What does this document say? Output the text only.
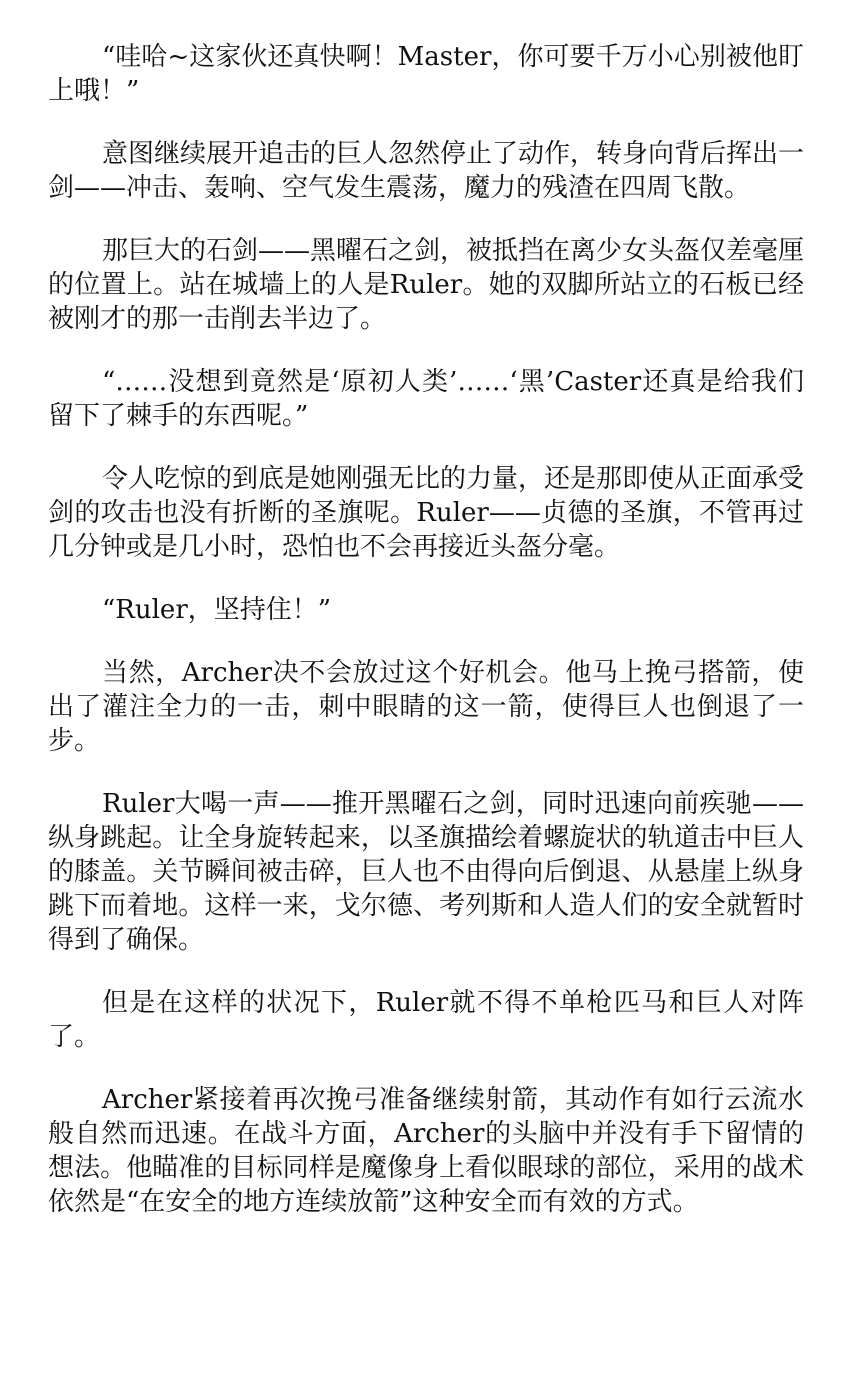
“哇哈~这家伙还真快啊！Master，你可要千万小心别被他盯上哦！”

意图继续展开追击的巨人忽然停止了动作，转身向背后挥出一剑——冲击、轰响、空气发生震荡，魔力的残渣在四周飞散。

那巨大的石剑——黑曜石之剑，被抵挡在离少女头盔仅差毫厘的位置上。站在城墙上的人是Ruler。她的双脚所站立的石板已经被刚才的那一击削去半边了。

“……没想到竟然是‘原初人类’……‘黑’Caster还真是给我们留下了棘手的东西呢。”

令人吃惊的到底是她刚强无比的力量，还是那即使从正面承受剑的攻击也没有折断的圣旗呢。Ruler——贞德的圣旗，不管再过几分钟或是几小时，恐怕也不会再接近头盔分毫。

“Ruler，坚持住！”

当然，Archer决不会放过这个好机会。他马上挽弓搭箭，使出了灌注全力的一击，刺中眼睛的这一箭，使得巨人也倒退了一步。

Ruler大喝一声——推开黑曜石之剑，同时迅速向前疾驰——纵身跳起。让全身旋转起来，以圣旗描绘着螺旋状的轨道击中巨人的膝盖。关节瞬间被击碎，巨人也不由得向后倒退、从悬崖上纵身跳下而着地。这样一来，戈尔德、考列斯和人造人们的安全就暂时得到了确保。

但是在这样的状况下，Ruler就不得不单枪匹马和巨人对阵了。

Archer紧接着再次挽弓准备继续射箭，其动作有如行云流水般自然而迅速。在战斗方面，Archer的头脑中并没有手下留情的想法。他瞄准的目标同样是魔像身上看似眼球的部位，采用的战术依然是“在安全的地方连续放箭”这种安全而有效的方式。
